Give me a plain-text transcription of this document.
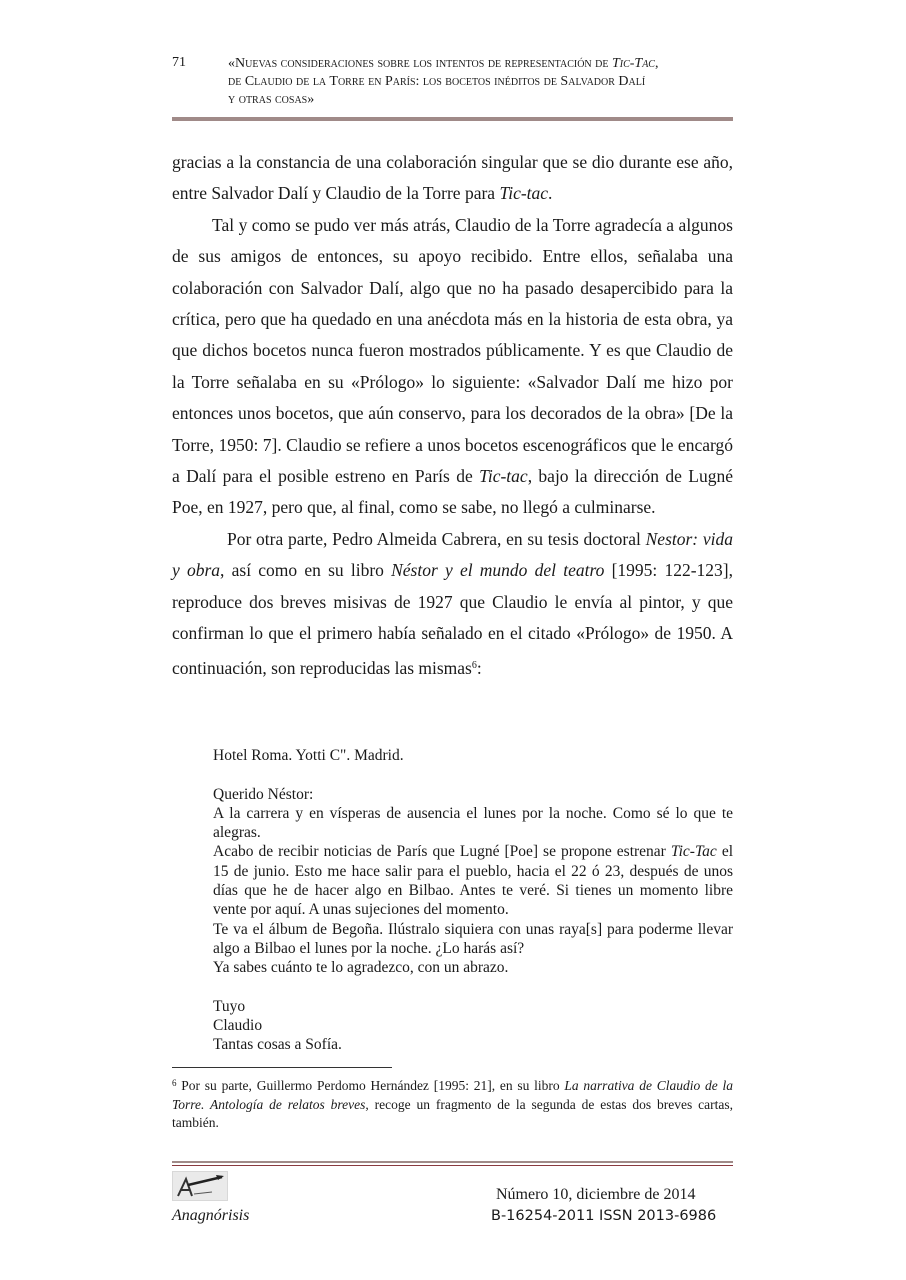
71	«Nuevas consideraciones sobre los intentos de representación de Tic-Tac,
de Claudio de la Torre en París: los bocetos inéditos de Salvador Dalí
y otras cosas»

gracias a la constancia de una colaboración singular que se dio durante ese año, entre Salvador Dalí y Claudio de la Torre para Tic-tac.

Tal y como se pudo ver más atrás, Claudio de la Torre agradecía a algunos de sus amigos de entonces, su apoyo recibido. Entre ellos, señalaba una colaboración con Salvador Dalí, algo que no ha pasado desapercibido para la crítica, pero que ha quedado en una anécdota más en la historia de esta obra, ya que dichos bocetos nunca fueron mostrados públicamente. Y es que Claudio de la Torre señalaba en su «Prólogo» lo siguiente: «Salvador Dalí me hizo por entonces unos bocetos, que aún conservo, para los decorados de la obra» [De la Torre, 1950: 7]. Claudio se refiere a unos bocetos escenográficos que le encargó a Dalí para el posible estreno en París de Tic-tac, bajo la dirección de Lugné Poe, en 1927, pero que, al final, como se sabe, no llegó a culminarse.

Por otra parte, Pedro Almeida Cabrera, en su tesis doctoral Nestor: vida y obra, así como en su libro Néstor y el mundo del teatro [1995: 122-123], reproduce dos breves misivas de 1927 que Claudio le envía al pintor, y que confirman lo que el primero había señalado en el citado «Prólogo» de 1950. A continuación, son reproducidas las mismas$^6$:

Hotel Roma. Yotti C". Madrid.

Querido Néstor:

A la carrera y en vísperas de ausencia el lunes por la noche. Como sé lo que te alegras.

Acabo de recibir noticias de París que Lugné [Poe] se propone estrenar Tic-Tac el 15 de junio. Esto me hace salir para el pueblo, hacia el 22 ó 23, después de unos días que he de hacer algo en Bilbao. Antes te veré. Si tienes un momento libre vente por aquí. A unas sujeciones del momento.

Te va el álbum de Begoña. Ilústralo siquiera con unas raya[s] para poderme llevar algo a Bilbao el lunes por la noche. ¿Lo harás así?

Ya sabes cuánto te lo agradezco, con un abrazo.

Tuyo

Claudio

Tantas cosas a Sofía.

$^6$ Por su parte, Guillermo Perdomo Hernández [1995: 21], en su libro La narrativa de Claudio de la Torre. Antología de relatos breves, recoge un fragmento de la segunda de estas dos breves cartas, también.
Anagnórisis
Número 10, diciembre de 2014
B-16254-2011 ISSN 2013-6986
